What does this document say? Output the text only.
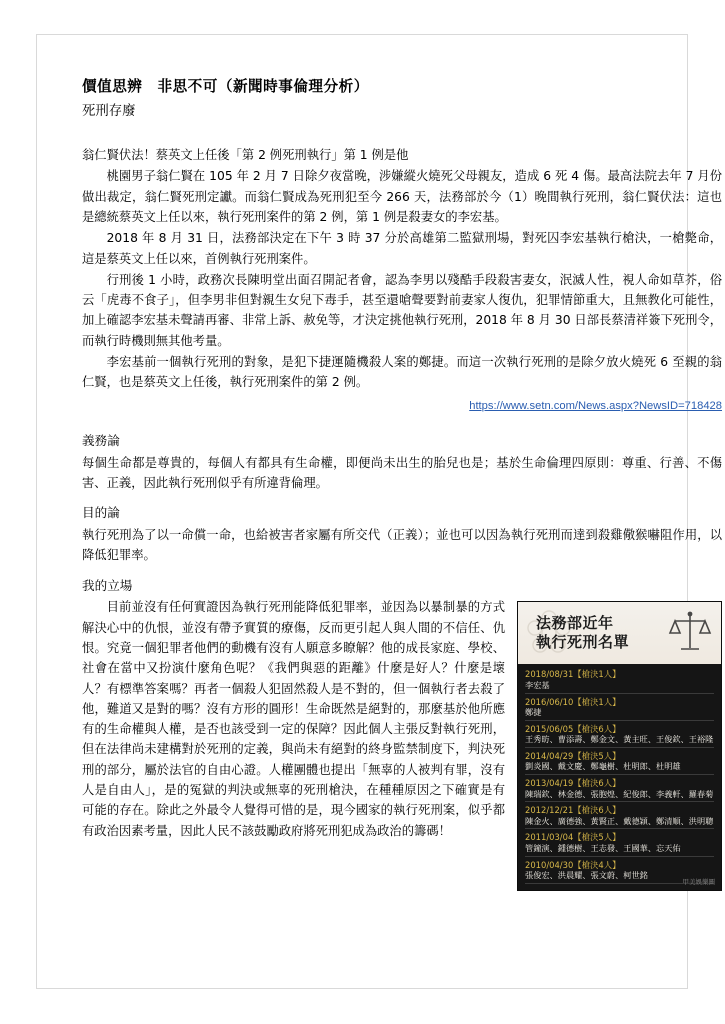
價值思辨　非思不可（新聞時事倫理分析）
死刑存廢

翁仁賢伏法！蔡英文上任後「第 2 例死刑執行」第 1 例是他

桃園男子翁仁賢在 105 年 2 月 7 日除夕夜當晚，涉嫌縱火燒死父母親友，造成 6 死 4 傷。最高法院去年 7 月份做出裁定，翁仁賢死刑定讞。而翁仁賢成為死刑犯至今 266 天，法務部於今（1）晚間執行死刑，翁仁賢伏法：這也是總統蔡英文上任以來，執行死刑案件的第 2 例，第 1 例是殺妻女的李宏基。

2018 年 8 月 31 日，法務部決定在下午 3 時 37 分於高雄第二監獄刑場，對死囚李宏基執行槍決，一槍斃命，這是蔡英文上任以來，首例執行死刑案件。

行刑後 1 小時，政務次長陳明堂出面召開記者會，認為李男以殘酷手段殺害妻女，泯滅人性，視人命如草芥，俗云「虎毒不食子」，但李男非但對親生女兒下毒手，甚至還嗆聲要對前妻家人復仇，犯罪情節重大，且無教化可能性，加上確認李宏基未聲請再審、非常上訴、赦免等，才決定挑他執行死刑，2018 年 8 月 30 日部長蔡清祥簽下死刑令，而執行時機則無其他考量。

李宏基前一個執行死刑的對象，是犯下捷運隨機殺人案的鄭捷。而這一次執行死刑的是除夕放火燒死 6 至親的翁仁賢，也是蔡英文上任後，執行死刑案件的第 2 例。

https://www.setn.com/News.aspx?NewsID=718428

義務論

每個生命都是尊貴的，每個人有都具有生命權，即便尚未出生的胎兒也是；基於生命倫理四原則：尊重、行善、不傷害、正義，因此執行死刑似乎有所違背倫理。

目的論

執行死刑為了以一命償一命，也給被害者家屬有所交代（正義）；並也可以因為執行死刑而達到殺雞儆猴嚇阻作用，以降低犯罪率。

我的立場

法務部近年
執行死刑名單
2018/08/31【槍決1人】
李宏基
2016/06/10【槍決1人】
鄭捷
2015/06/05【槍決6人】
王秀昉、曹添壽、鄭金文、黃主旺、王俊欽、王裕隆
2014/04/29【槍決5人】
劉炎國、戴文慶、鄭龜樹、杜明郎、杜明雄
2013/04/19【槍決6人】
陳瑞欽、林金德、張胞煌、紀俊郎、李義軒、羅春菊
2012/12/21【槍決6人】
陳金火、廣德強、黃賢正、戴德穎、鄭清順、洪明聰
2011/03/04【槍決5人】
管鐘演、鍾德樹、王志發、王國華、忘天佑
2010/04/30【槍決4人】
張俊宏、洪晨耀、張文蔚、柯世銘
甲美娛樂圖

目前並沒有任何實證因為執行死刑能降低犯罪率，並因為以暴制暴的方式解決心中的仇恨，並沒有帶予實質的療傷，反而更引起人與人間的不信任、仇恨。究竟一個犯罪者他們的動機有沒有人願意多瞭解？他的成長家庭、學校、社會在當中又扮演什麼角色呢？《我們與惡的距離》什麼是好人？什麼是壞人？有標準答案嗎？再者一個殺人犯固然殺人是不對的，但一個執行者去殺了他，難道又是對的嗎？沒有方形的圓形！生命既然是絕對的，那麼基於他所應有的生命權與人權，是否也該受到一定的保障？因此個人主張反對執行死刑，但在法律尚未建構對於死刑的定義，與尚未有絕對的終身監禁制度下，判決死刑的部分，屬於法官的自由心證。人權團體也提出「無辜的人被判有罪，沒有人是自由人」，是的冤獄的判決或無辜的死刑槍決，在種種原因之下確實是有可能的存在。除此之外最令人覺得可惜的是，現今國家的執行死刑案，似乎都有政治因素考量，因此人民不該鼓勵政府將死刑犯成為政治的籌碼！
